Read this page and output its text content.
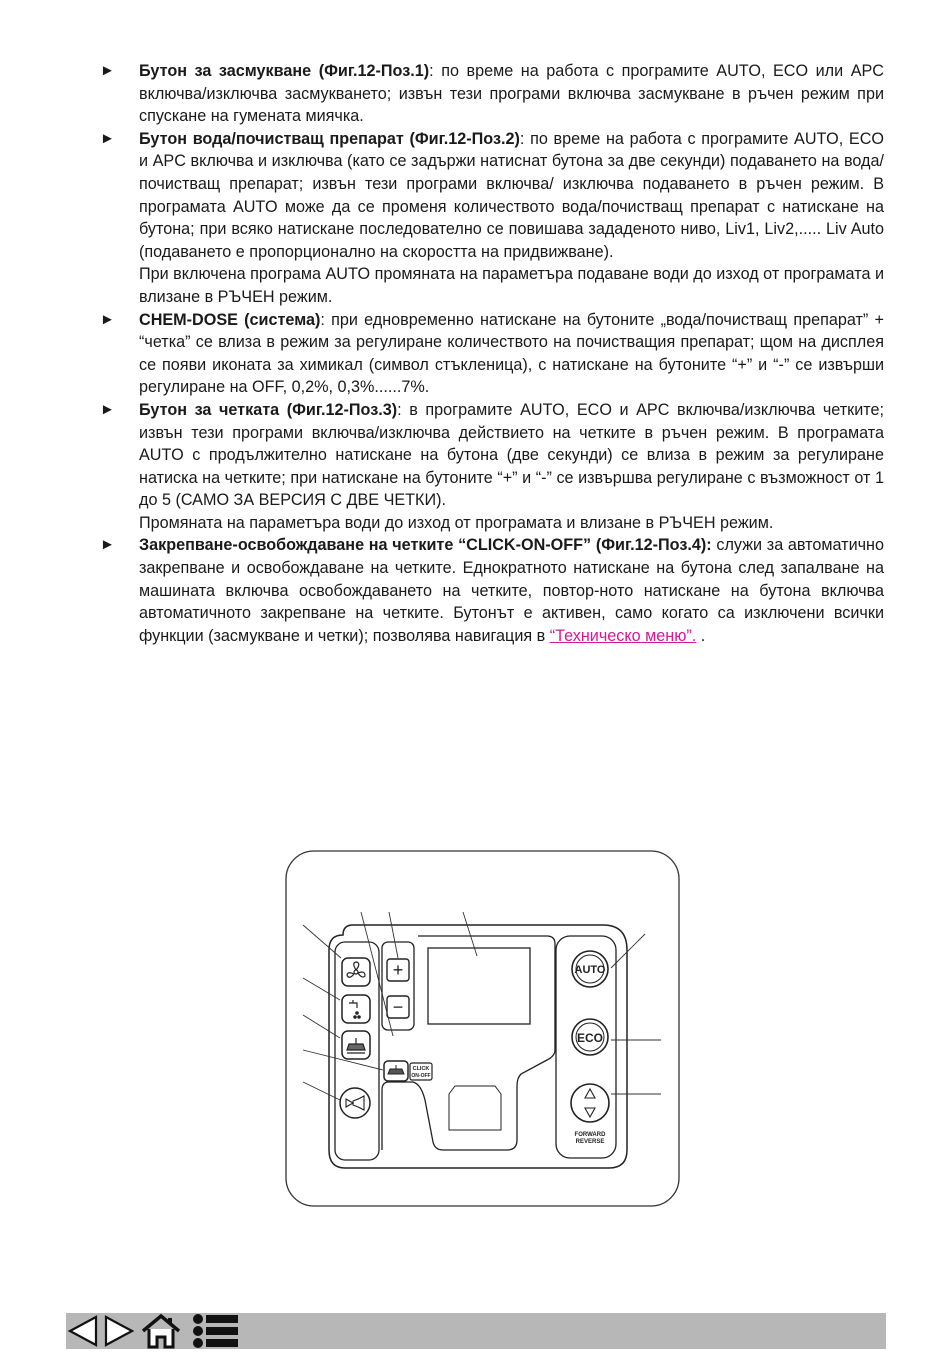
► Бутон за засмукване (Фиг.12-Поз.1): по време на работа с програмите AUTO, ECO или APC включва/изключва засмукването; извън тези програми включва засмукване в ръчен режим при спускане на гумената миячка.

► Бутон вода/почистващ препарат (Фиг.12-Поз.2): по време на работа с програмите AUTO, ECO и APC включва и изключва (като се задържи натиснат бутона за две секунди) подаването на вода/почистващ препарат; извън тези програми включва/ изключва подаването в ръчен режим. В програмата AUTO може да се променя количеството вода/почистващ препарат с натискане на бутона; при всяко натискане последователно се повишава зададеното ниво, Liv1, Liv2,..... Liv Auto (подаването е пропорционално на скоростта на придвижване).

При включена програма AUTO промяната на параметъра подаване води до изход от програмата и влизане в РЪЧЕН режим.

► CHEM-DOSE (система): при едновременно натискане на бутоните „вода/почистващ препарат” + “четка” се влиза в режим за регулиране количеството на почистващия препарат; щом на дисплея се появи иконата за химикал (символ стъкленица), с натискане на бутоните “+” и “-” се извърши регулиране на OFF, 0,2%, 0,3%......7%.

► Бутон за четката (Фиг.12-Поз.3): в програмите AUTO, ECO и APC включва/изключва четките; извън тези програми включва/изключва действието на четките в ръчен режим. В програмата AUTO с продължително натискане на бутона (две секунди) се влиза в режим за регулиране натиска на четките; при натискане на бутоните “+” и “-” се извършва регулиране с възможност от 1 до 5 (САМО ЗА ВЕРСИЯ С ДВЕ ЧЕТКИ).

Промяната на параметъра води до изход от програмата и влизане в РЪЧЕН режим.

► Закрепване-освобождаване на четките “CLICK-ON-OFF” (Фиг.12-Поз.4): служи за автоматично закрепване и освобождаване на четките. Еднократното натискане на бутона след запалване на машината включва освобождаването на четките, повтор-ното натискане на бутона включва автоматичното закрепване на четките. Бутонът е активен, само когато са изключени всички функции (засмукване и четки); позволява навигация в “Техническо меню”. .

+
−
CLICK
ON-OFF
AUTO
ECO
FORWARD
REVERSE
